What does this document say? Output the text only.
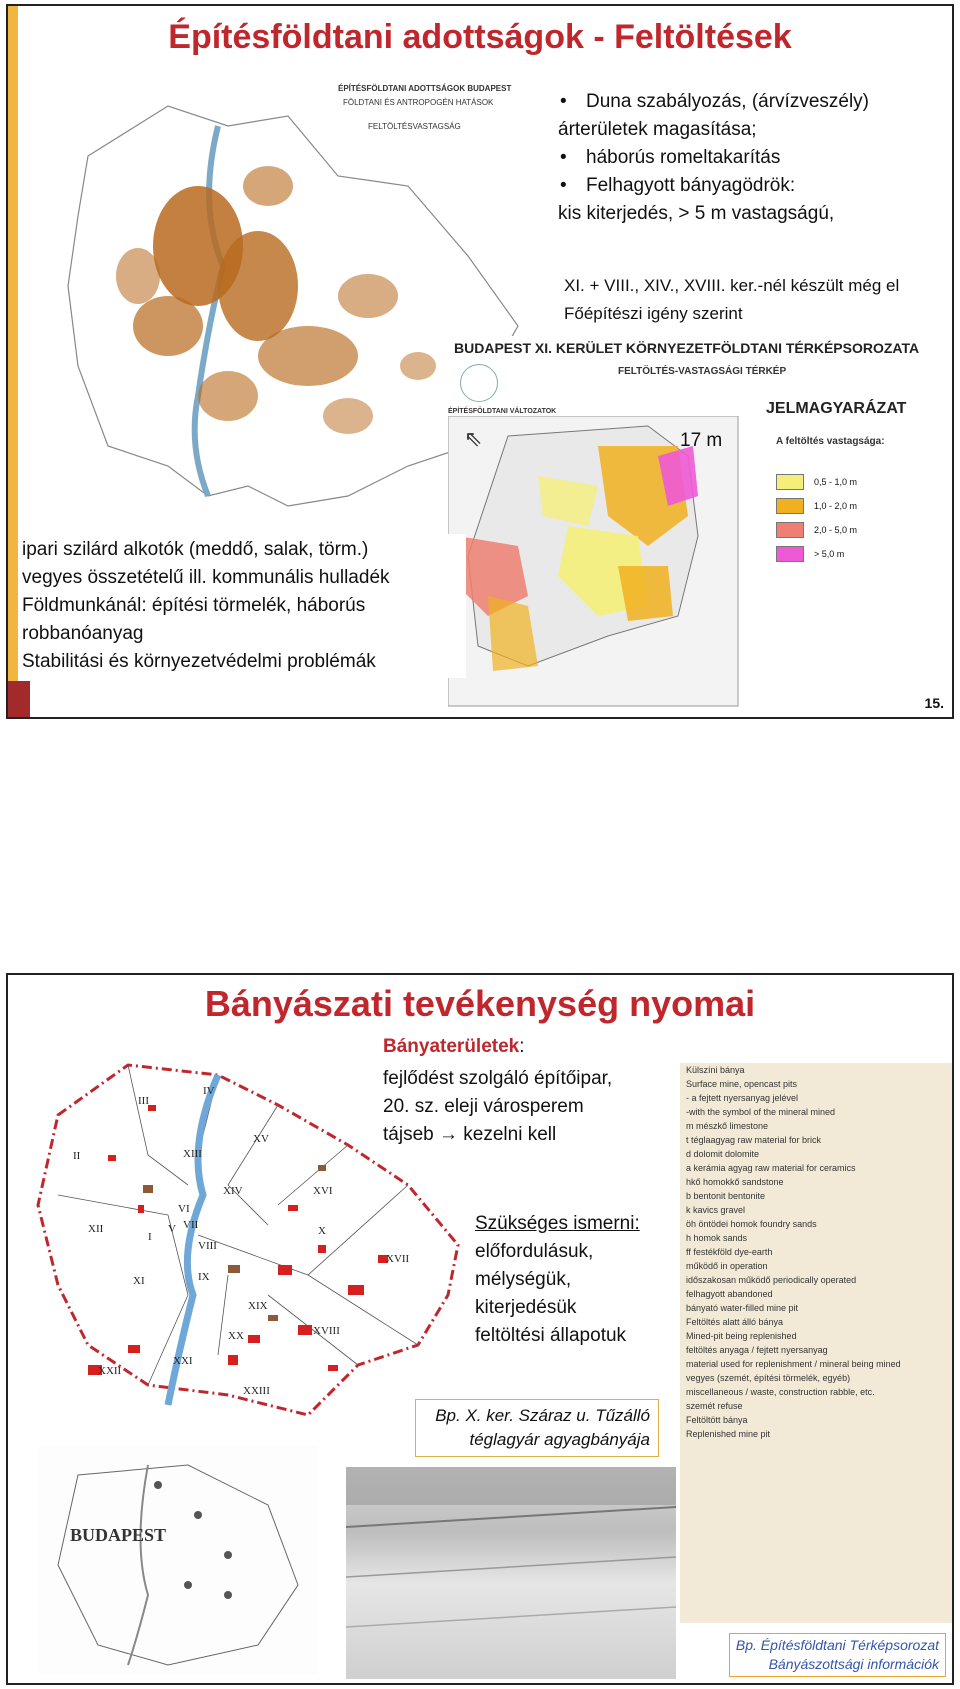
Építésföldtani adottságok - Feltöltések
ÉPÍTÉSFÖLDTANI ADOTTSÁGOK BUDAPEST
FÖLDTANI ÉS ANTROPOGÉN HATÁSOK
FELTÖLTÉSVASTAGSÁG
• Duna szabályozás, (árvízveszély)
árterületek magasítása;
• háborús romeltakarítás
• Felhagyott bányagödrök:
kis kiterjedés, > 5 m vastagságú,
XI. + VIII., XIV., XVIII. ker.-nél készült még el
Főépítészi igény szerint
BUDAPEST XI. KERÜLET KÖRNYEZETFÖLDTANI TÉRKÉPSOROZATA
FELTÖLTÉS-VASTAGSÁGI TÉRKÉP
ÉPÍTÉSFÖLDTANI VÁLTOZATOK
⇖	17 m
JELMAGYARÁZAT
A feltöltés vastagsága:
0,5 - 1,0 m
1,0 - 2,0 m
2,0 - 5,0 m
> 5,0 m
ipari szilárd alkotók (meddő, salak, törm.)
vegyes összetételű ill. kommunális hulladék
Földmunkánál: építési törmelék, háborús
robbanóanyag
Stabilitási és környezetvédelmi problémák
15.
Bányászati tevékenység nyomai
III
IV
II
XV
XIII
XIV	XVI
XII
VI
VII
I
V
VIII
XVII
XI	IX
X
XIX
XX	XVIII
XXI
XXII
XXIII
Bányaterületek:
fejlődést szolgáló építőipar,
20. sz. eleji városperem
tájseb → kezelni kell
Szükséges ismerni:
előfordulásuk,
mélységük,
kiterjedésük
feltöltési állapotuk
Külszíni bánya
Surface mine, opencast pits
- a fejtett nyersanyag jelével
-with the symbol of the mineral mined
m mészkő limestone
t téglaagyag raw material for brick
d dolomit dolomite
a kerámia agyag raw material for ceramics
hkő homokkő sandstone
b bentonit bentonite
k kavics gravel
öh öntödei homok foundry sands
h homok sands
ff festékföld dye-earth
működő in operation
időszakosan működő periodically operated
felhagyott abandoned
bányató water-filled mine pit
Feltöltés alatt álló bánya
Mined-pit being replenished
feltöltés anyaga / fejtett nyersanyag
material used for replenishment / mineral being mined
vegyes (szemét, építési törmelék, egyéb)
miscellaneous / waste, construction rabble, etc.
szemét refuse
Feltöltött bánya
Replenished mine pit
BUDAPEST
Bp. X. ker. Száraz u. Tűzálló
téglagyár agyagbányája
Bp. Építésföldtani Térképsorozat
Bányászottsági információk
